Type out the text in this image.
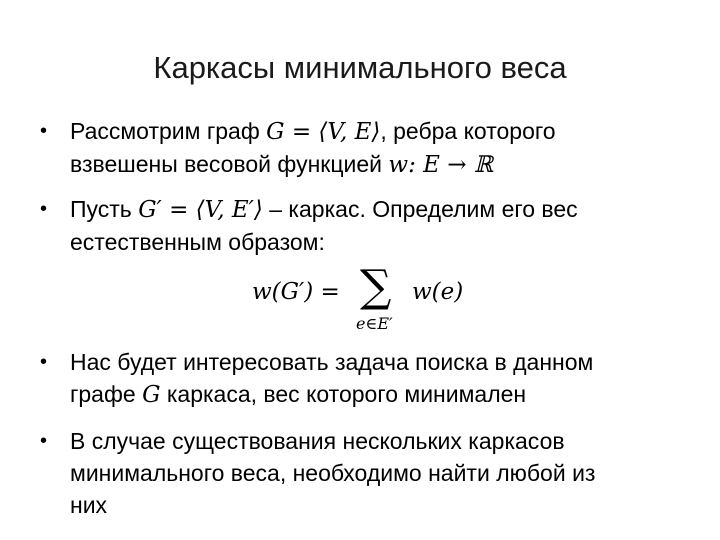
Каркасы минимального веса
• Рассмотрим граф G = ⟨V, E⟩, ребра которого
взвешены весовой функцией w: E → ℝ
• Пусть G′ = ⟨V, E′⟩ – каркас. Определим его вес
естественным образом:
w(G′) = ∑
e∈E′
w(e)
• Нас будет интересовать задача поиска в данном
графе G каркаса, вес которого минимален
• В случае существования нескольких каркасов
минимального веса, необходимо найти любой из
них
